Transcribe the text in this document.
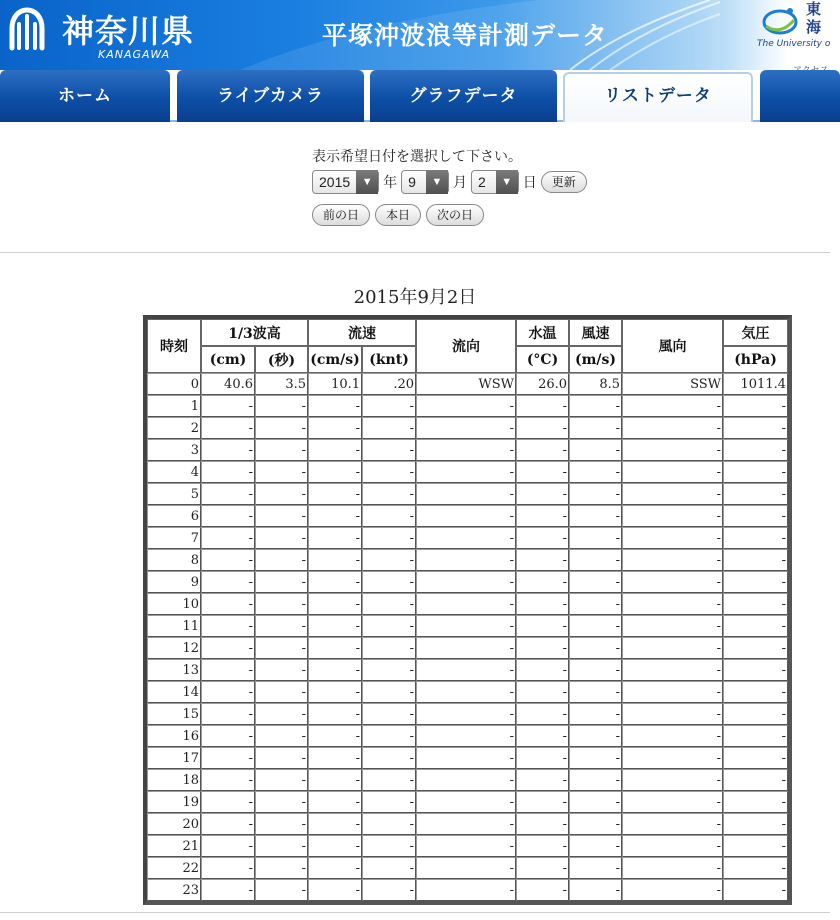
神奈川県
KANAGAWA
平塚沖波浪等計測データ
東
海
The University o
ホーム	ライブカメラ	グラフデータ	リストデータ
表示希望日付を選択して下さい。
2015	▼ 年 9	▼ 月 2	▼ 日	更新
前の日	本日	次の日
2015年9月2日
時刻	1/3波高		流速		流向	水温	風速	風向	気圧
	(cm)	(秒)	(cm/s)	(knt)		(°C)	(m/s)		(hPa)
0	40.6	3.5	10.1	.20	WSW	26.0	8.5	SSW	1011.4
1	-	-	-	-	-	-	-	-	-
2	-	-	-	-	-	-	-	-	-
3	-	-	-	-	-	-	-	-	-
4	-	-	-	-	-	-	-	-	-
5	-	-	-	-	-	-	-	-	-
6	-	-	-	-	-	-	-	-	-
7	-	-	-	-	-	-	-	-	-
8	-	-	-	-	-	-	-	-	-
9	-	-	-	-	-	-	-	-	-
10	-	-	-	-	-	-	-	-	-
11	-	-	-	-	-	-	-	-	-
12	-	-	-	-	-	-	-	-	-
13	-	-	-	-	-	-	-	-	-
14	-	-	-	-	-	-	-	-	-
15	-	-	-	-	-	-	-	-	-
16	-	-	-	-	-	-	-	-	-
17	-	-	-	-	-	-	-	-	-
18	-	-	-	-	-	-	-	-	-
19	-	-	-	-	-	-	-	-	-
20	-	-	-	-	-	-	-	-	-
21	-	-	-	-	-	-	-	-	-
22	-	-	-	-	-	-	-	-	-
23	-	-	-	-	-	-	-	-	-
